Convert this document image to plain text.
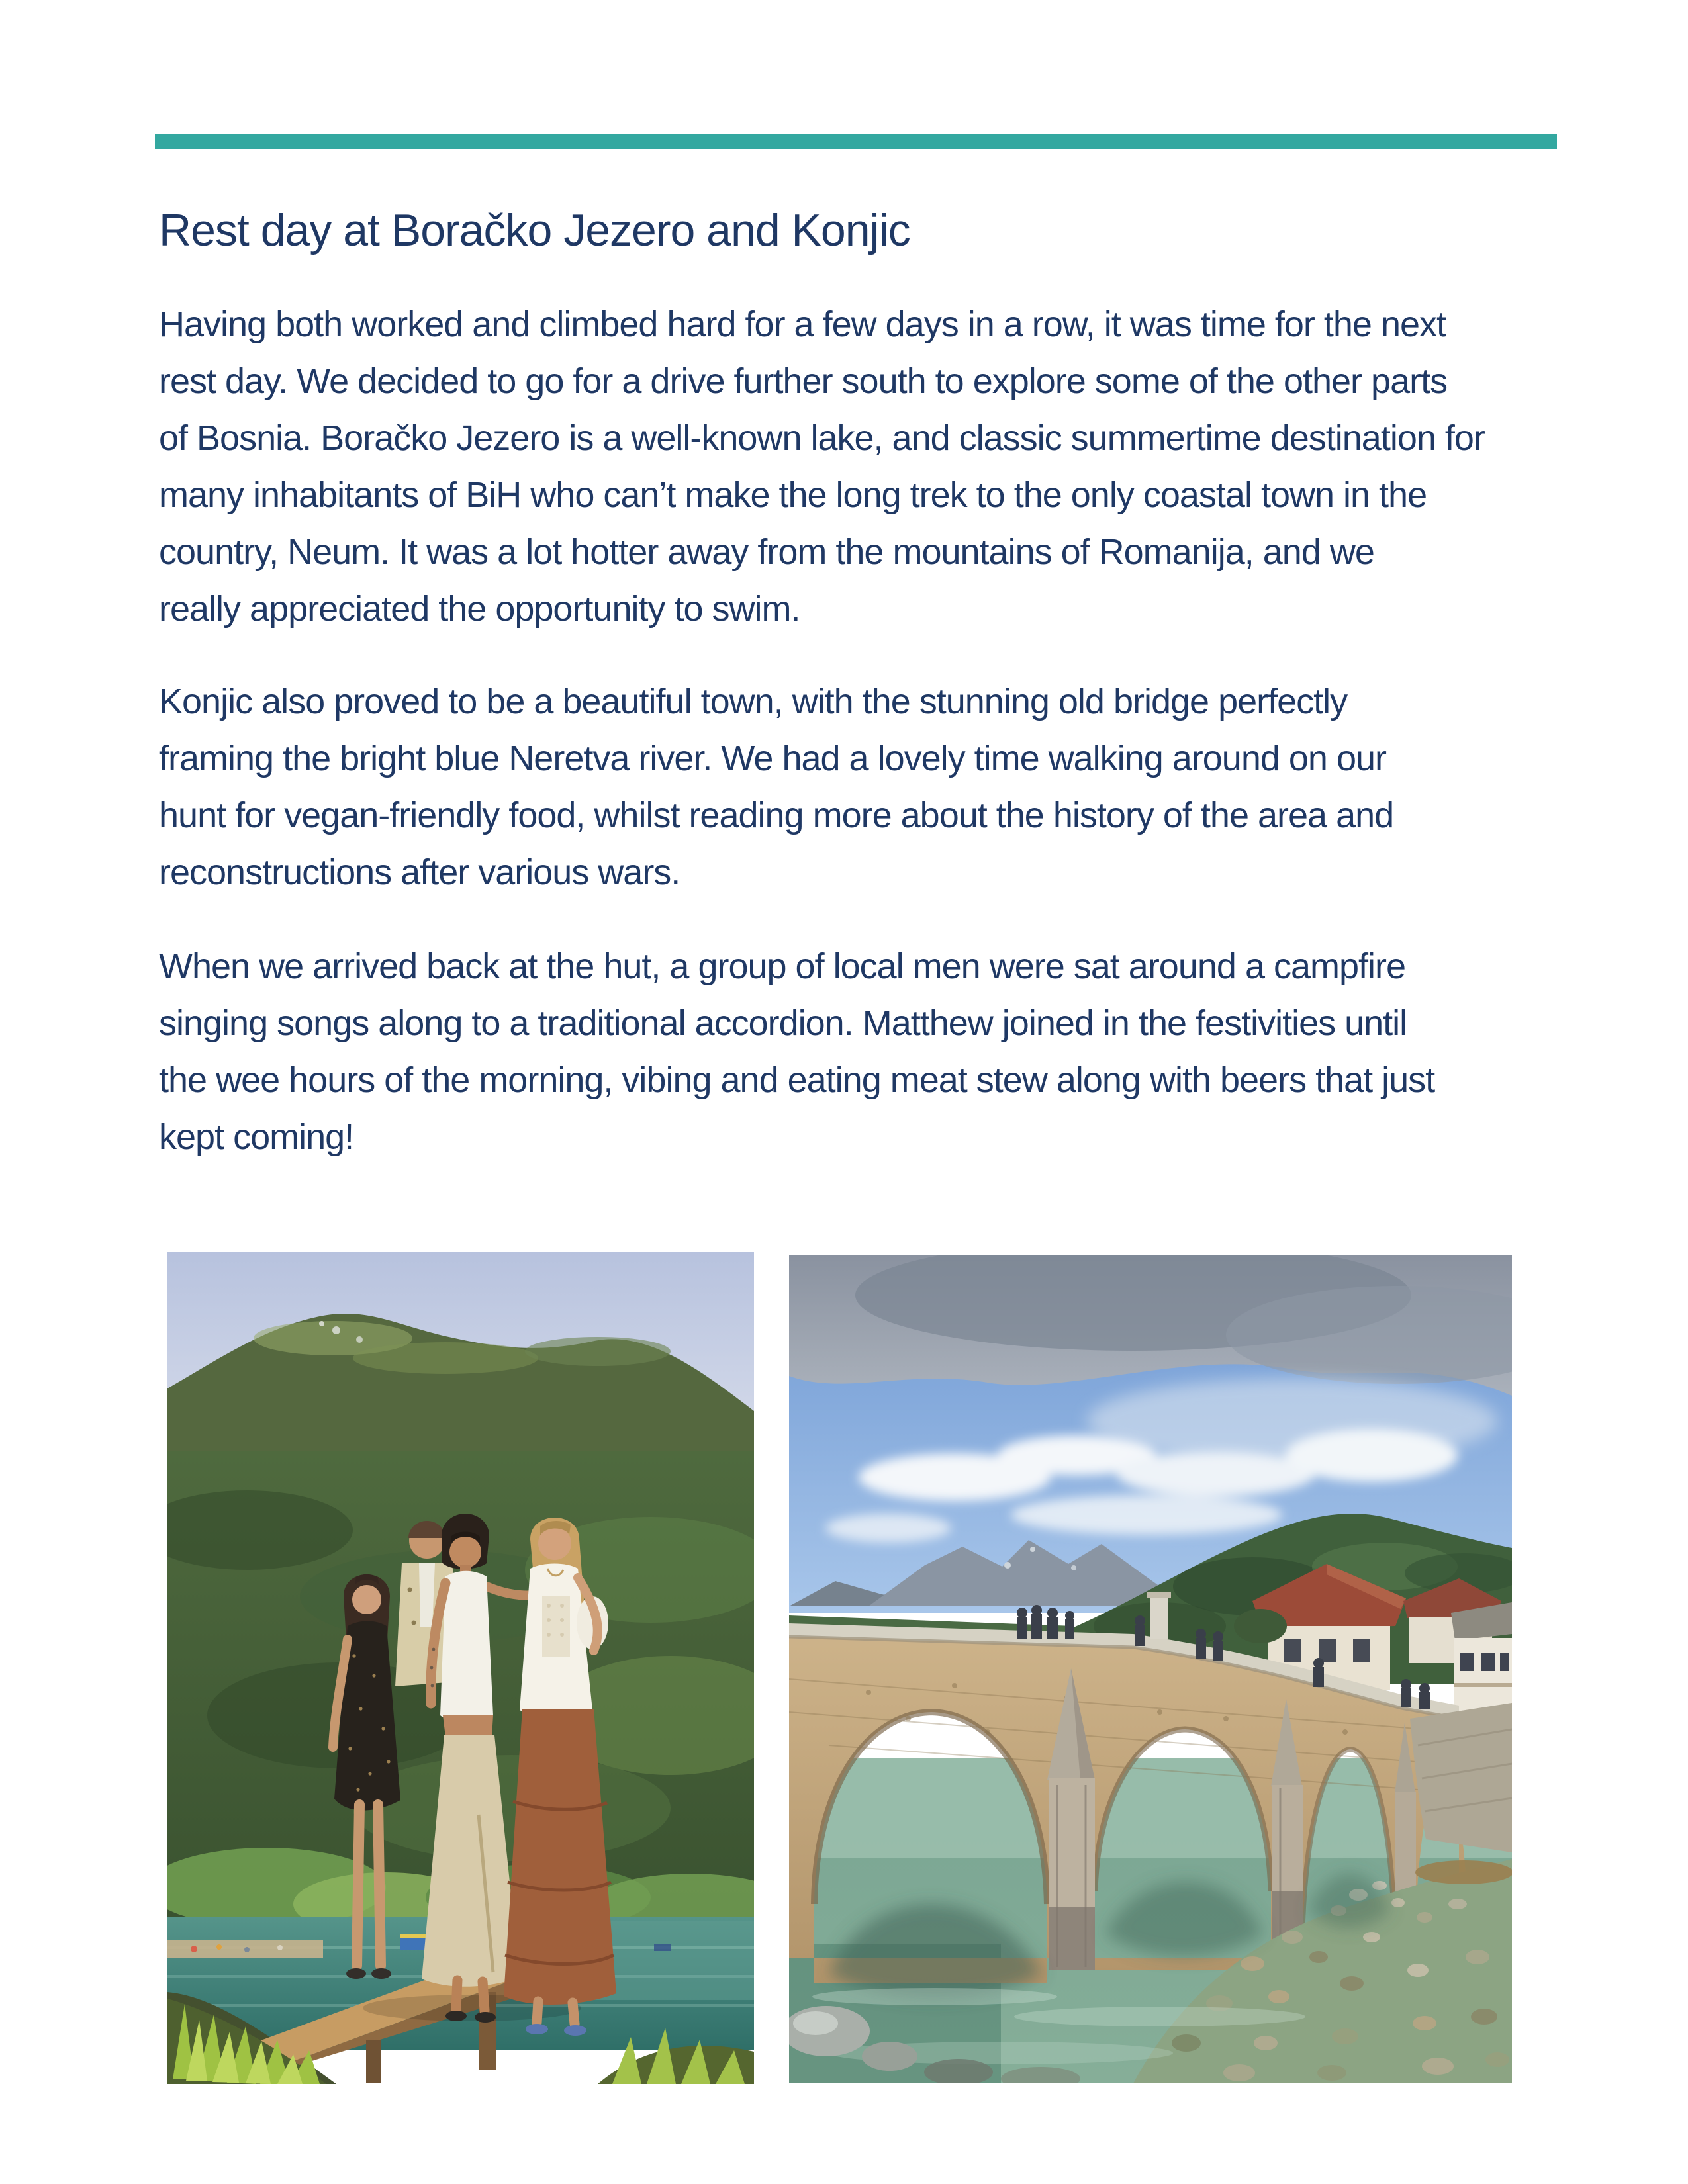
Rest day at Boračko Jezero and Konjic
Having both worked and climbed hard for a few days in a row, it was time for the next
rest day. We decided to go for a drive further south to explore some of the other parts
of Bosnia. Boračko Jezero is a well-known lake, and classic summertime destination for
many inhabitants of BiH who can’t make the long trek to the only coastal town in the
country, Neum. It was a lot hotter away from the mountains of Romanija, and we
really appreciated the opportunity to swim.
Konjic also proved to be a beautiful town, with the stunning old bridge perfectly
framing the bright blue Neretva river. We had a lovely time walking around on our
hunt for vegan-friendly food, whilst reading more about the history of the area and
reconstructions after various wars.
When we arrived back at the hut, a group of local men were sat around a campfire
singing songs along to a traditional accordion. Matthew joined in the festivities until
the wee hours of the morning, vibing and eating meat stew along with beers that just
kept coming!
